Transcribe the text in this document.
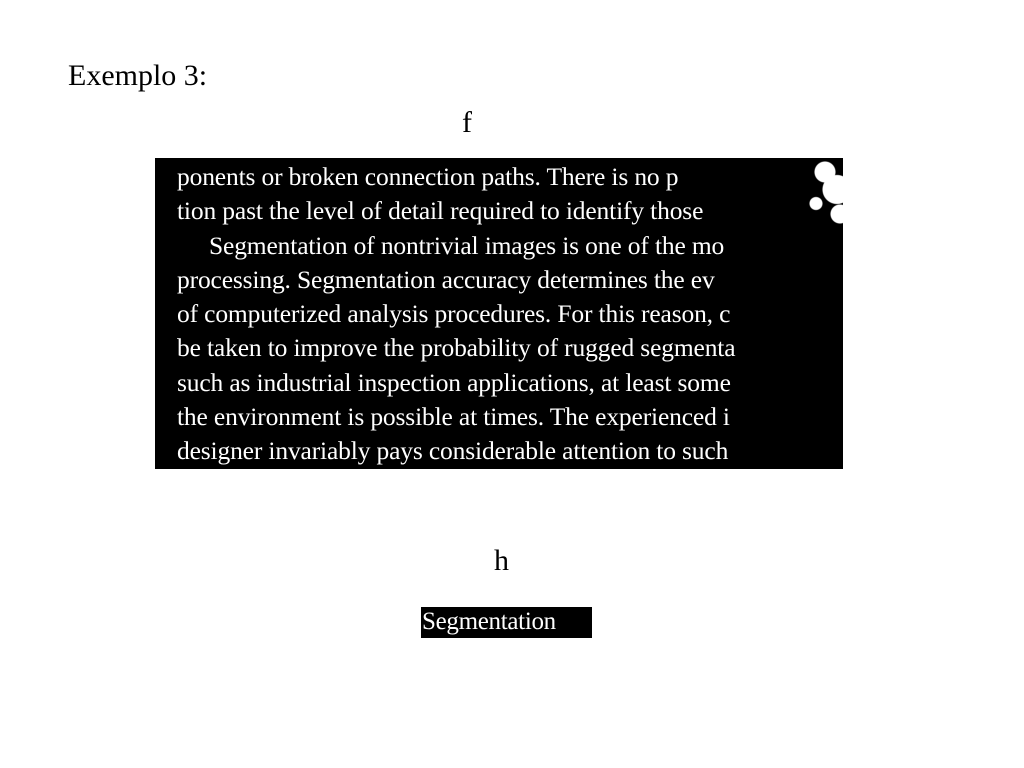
Exemplo 3:
f
ponents or broken connection paths. There is no p
tion past the level of detail required to identify those
Segmentation of nontrivial images is one of the mo
processing. Segmentation accuracy determines the ev
of computerized analysis procedures. For this reason, c
be taken to improve the probability of rugged segmenta
such as industrial inspection applications, at least some
the environment is possible at times. The experienced i
designer invariably pays considerable attention to such
h
Segmentation
